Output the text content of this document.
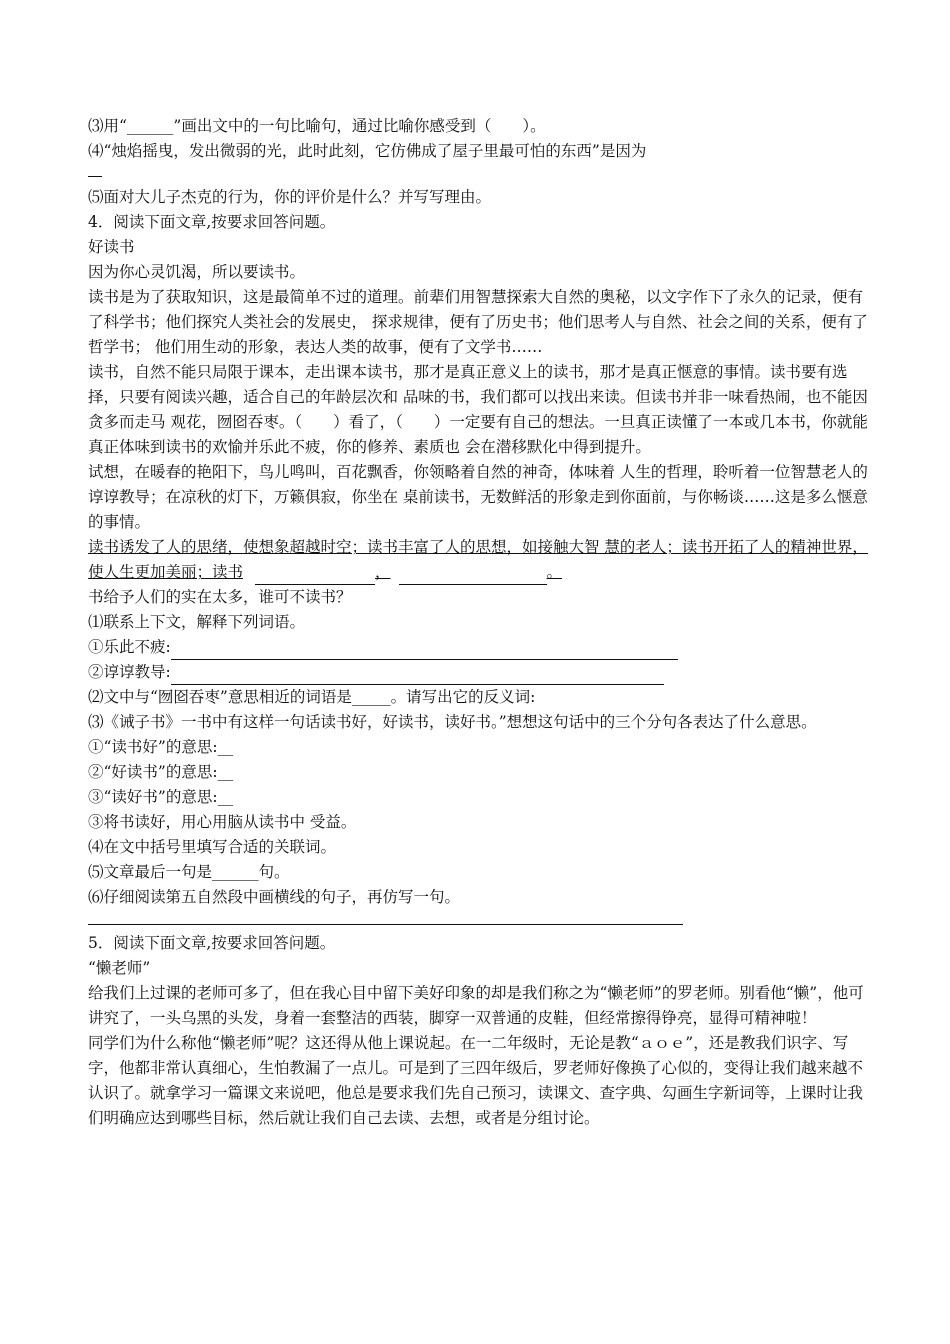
⑶用“______”画出文中的一句比喻句，通过比喻你感受到（　　）。
⑷“烛焰摇曳，发出微弱的光，此时此刻，它仿佛成了屋子里最可怕的东西”是因为
⑸面对大儿子杰克的行为，你的评价是什么？并写写理由。
4．阅读下面文章,按要求回答问题。
好读书
因为你心灵饥渴，所以要读书。
读书是为了获取知识，这是最简单不过的道理。前辈们用智慧探索大自然的奥秘，以文字作下了永久的记录，便有了科学书；他们探究人类社会的发展史， 探求规律，便有了历史书；他们思考人与自然、社会之间的关系，便有了哲学书； 他们用生动的形象，表达人类的故事，便有了文学书……
读书，自然不能只局限于课本，走出课本读书，那才是真正意义上的读书，那才是真正惬意的事情。读书要有选择，只要有阅读兴趣，适合自己的年龄层次和 品味的书，我们都可以找出来读。但读书并非一味看热闹，也不能因贪多而走马 观花，囫囵吞枣。（　　）看了，（　　）一定要有自己的想法。一旦真正读懂了一本或几本书，你就能真正体味到读书的欢愉并乐此不疲，你的修养、素质也 会在潜移默化中得到提升。
试想，在暖春的艳阳下，鸟儿鸣叫，百花飘香，你领略着自然的神奇，体味着 人生的哲理，聆听着一位智慧老人的谆谆教导；在凉秋的灯下，万籁俱寂，你坐在 桌前读书，无数鲜活的形象走到你面前，与你畅谈……这是多么惬意的事情。
读书诱发了人的思绪，使想象超越时空；读书丰富了人的思想，如接触大智 慧的老人；读书开拓了人的精神世界，使人生更加美丽；读书	，	。
书给予人们的实在太多，谁可不读书？
⑴联系上下文，解释下列词语。
①乐此不疲:
②谆谆教导:
⑵文中与“囫囵吞枣”意思相近的词语是_____。请写出它的反义词:
⑶《诫子书》一书中有这样一句话读书好，好读书，读好书。”想想这句话中的三个分句各表达了什么意思。
①“读书好”的意思:__
②“好读书”的意思:__
③“读好书”的意思:__
③将书读好，用心用脑从读书中 受益。
⑷在文中括号里填写合适的关联词。
⑸文章最后一句是______句。
⑹仔细阅读第五自然段中画横线的句子，再仿写一句。
5．阅读下面文章,按要求回答问题。
“懒老师”
给我们上过课的老师可多了，但在我心目中留下美好印象的却是我们称之为“懒老师”的罗老师。别看他“懒”，他可讲究了，一头乌黑的头发，身着一套整洁的西装，脚穿一双普通的皮鞋，但经常擦得铮亮，显得可精神啦！
同学们为什么称他“懒老师”呢？这还得从他上课说起。在一二年级时，无论是教“ａｏｅ”，还是教我们识字、写字，他都非常认真细心，生怕教漏了一点儿。可是到了三四年级后，罗老师好像换了心似的，变得让我们越来越不认识了。就拿学习一篇课文来说吧，他总是要求我们先自己预习，读课文、查字典、勾画生字新词等，上课时让我们明确应达到哪些目标，然后就让我们自己去读、去想，或者是分组讨论。
